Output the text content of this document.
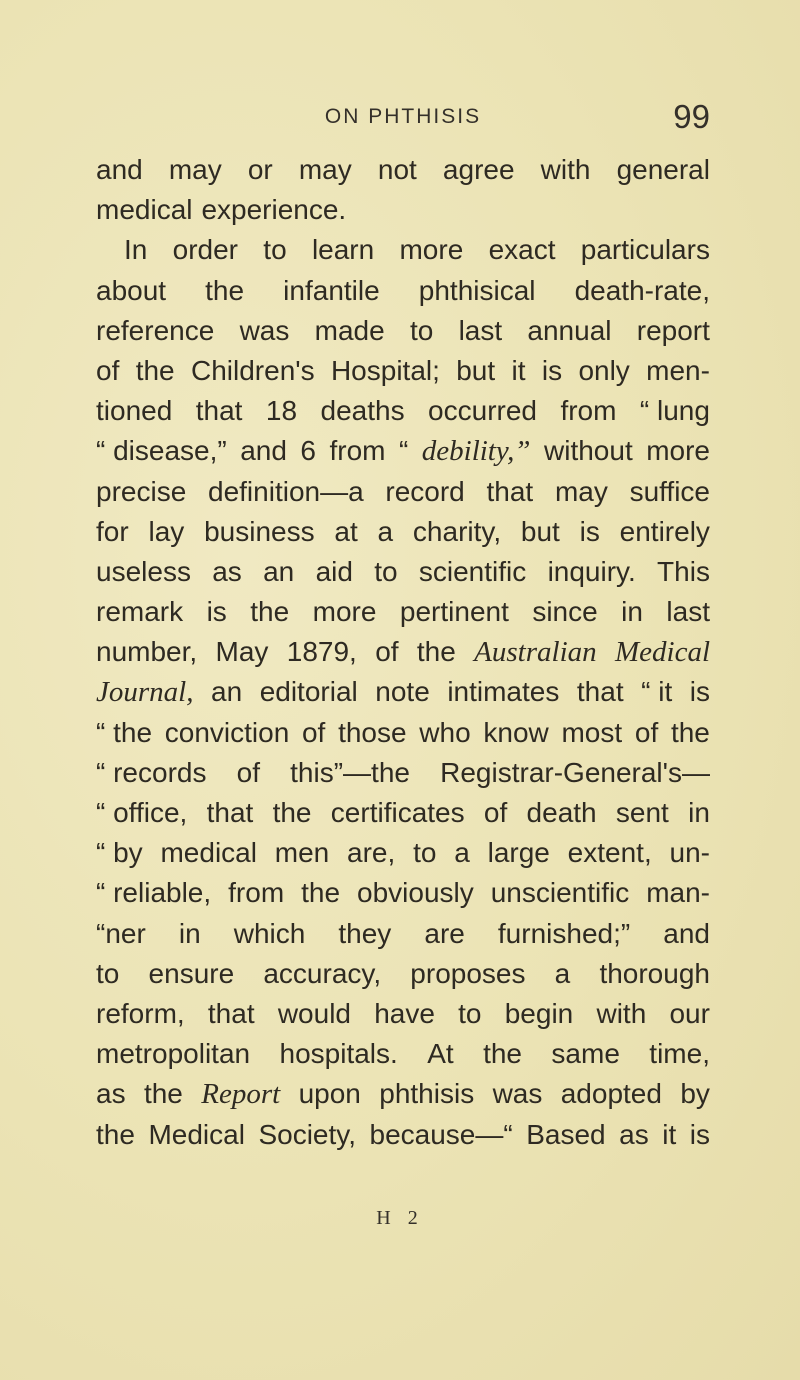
ON PHTHISIS	99
and may or may not agree with general
medical experience.
In order to learn more exact particulars
about the infantile phthisical death-rate,
reference was made to last annual report
of the Children's Hospital; but it is only men-
tioned that 18 deaths occurred from “ lung
“ disease,” and 6 from “ debility,” without more
precise definition—a record that may suffice
for lay business at a charity, but is entirely
useless as an aid to scientific inquiry. This
remark is the more pertinent since in last
number, May 1879, of the Australian Medical
Journal, an editorial note intimates that “ it is
“ the conviction of those who know most of the
“ records of this”—the Registrar-General's—
“ office, that the certificates of death sent in
“ by medical men are, to a large extent, un-
“ reliable, from the obviously unscientific man-
“ner in which they are furnished;” and
to ensure accuracy, proposes a thorough
reform, that would have to begin with our
metropolitan hospitals. At the same time,
as the Report upon phthisis was adopted by
the Medical Society, because—“ Based as it is
H 2
